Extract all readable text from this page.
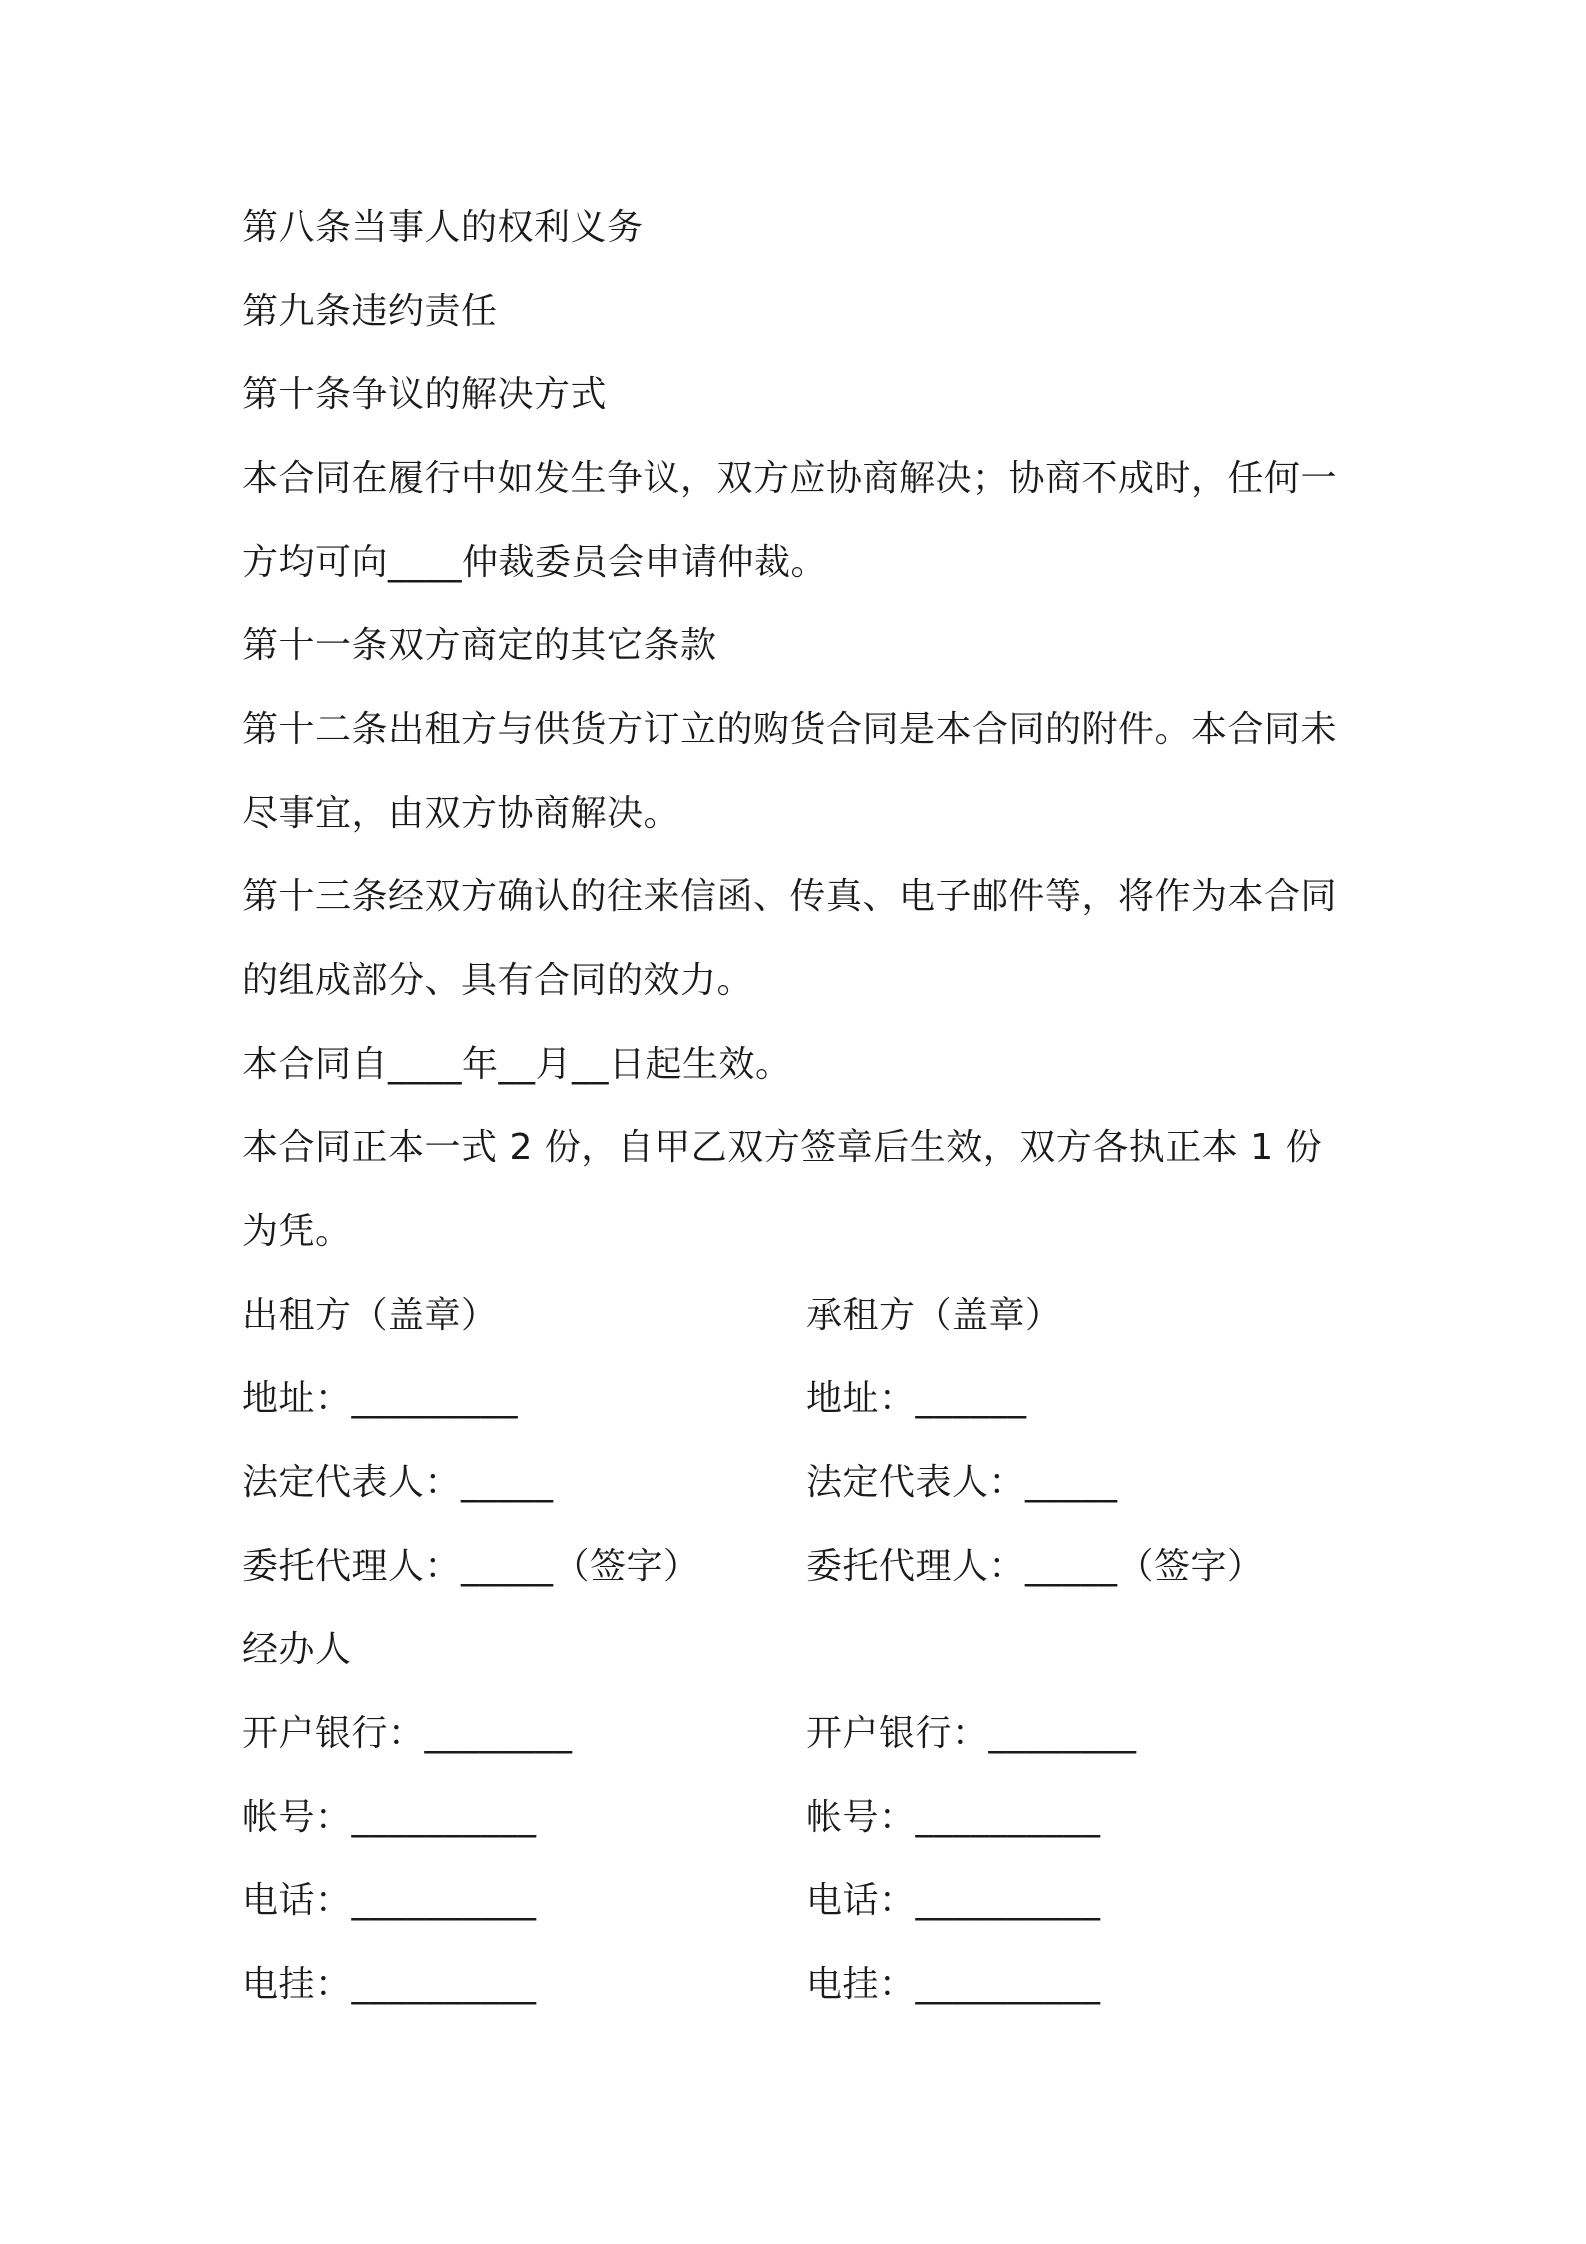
第八条当事人的权利义务
第九条违约责任
第十条争议的解决方式
本合同在履行中如发生争议，双方应协商解决；协商不成时，任何一
方均可向____仲裁委员会申请仲裁。
第十一条双方商定的其它条款
第十二条出租方与供货方订立的购货合同是本合同的附件。本合同未
尽事宜，由双方协商解决。
第十三条经双方确认的往来信函、传真、电子邮件等，将作为本合同
的组成部分、具有合同的效力。
本合同自____年__月__日起生效。
本合同正本一式 2 份，自甲乙双方签章后生效，双方各执正本 1 份
为凭。
出租方（盖章）	承租方（盖章）
地址：_________	地址：______
法定代表人：_____	法定代表人：_____
委托代理人：_____（签字）	委托代理人：_____（签字）
经办人
开户银行：________	开户银行：________
帐号：__________	帐号：__________
电话：__________	电话：__________
电挂：__________	电挂：__________
